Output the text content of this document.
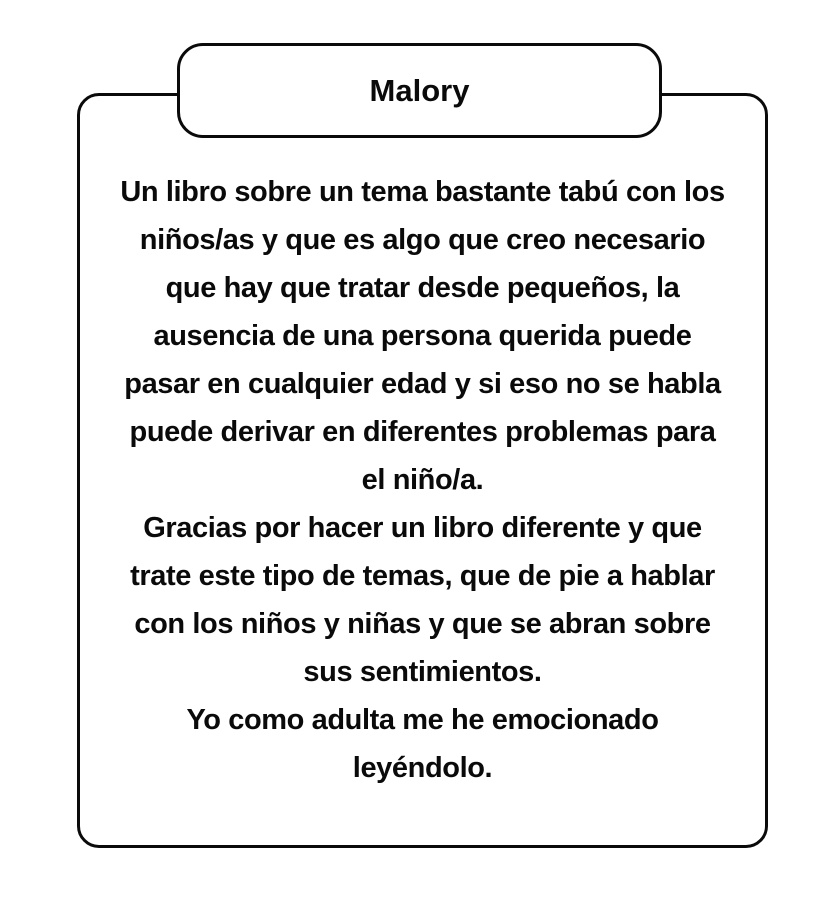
Un libro sobre un tema bastante tabú con los niños/as y que es algo que creo necesario que hay que tratar desde pequeños, la ausencia de una persona querida puede pasar en cualquier edad y si eso no se habla puede derivar en diferentes problemas para el niño/a.

Gracias por hacer un libro diferente y que trate este tipo de temas, que de pie a hablar con los niños y niñas y que se abran sobre sus sentimientos.

Yo como adulta me he emocionado leyéndolo.

Malory
